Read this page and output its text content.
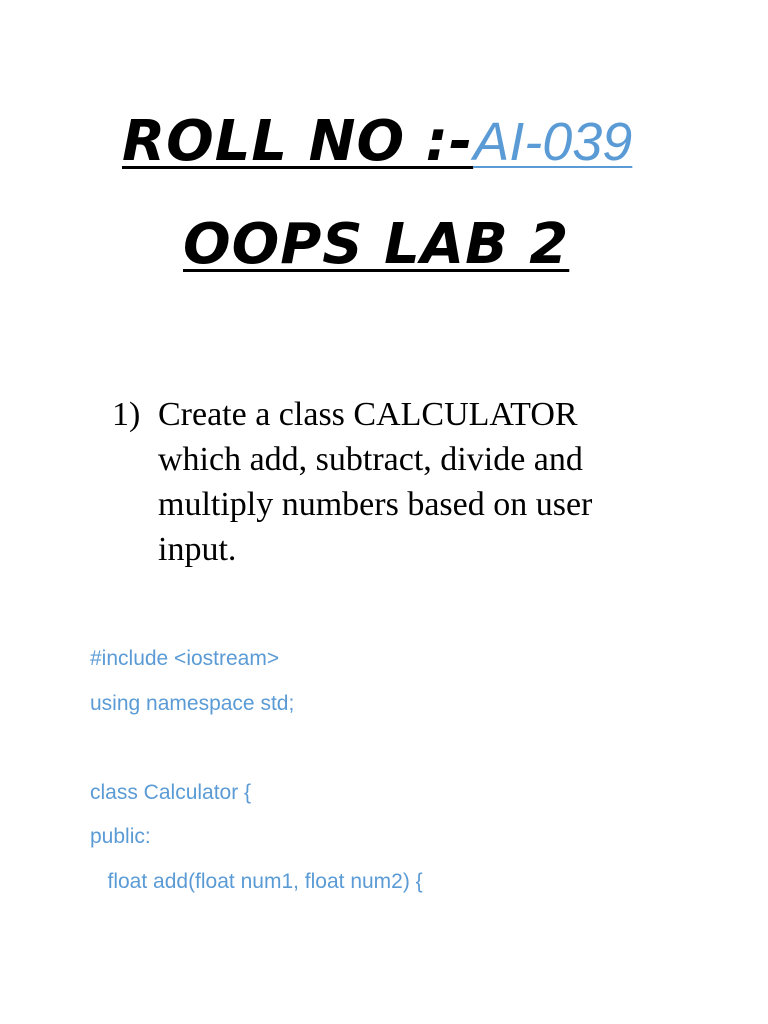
ROLL NO :-AI-039
OOPS LAB 2
1) Create a class CALCULATOR which add, subtract, divide and multiply numbers based on user input.
#include <iostream>
using namespace std;
class Calculator {
public:
float add(float num1, float num2) {
